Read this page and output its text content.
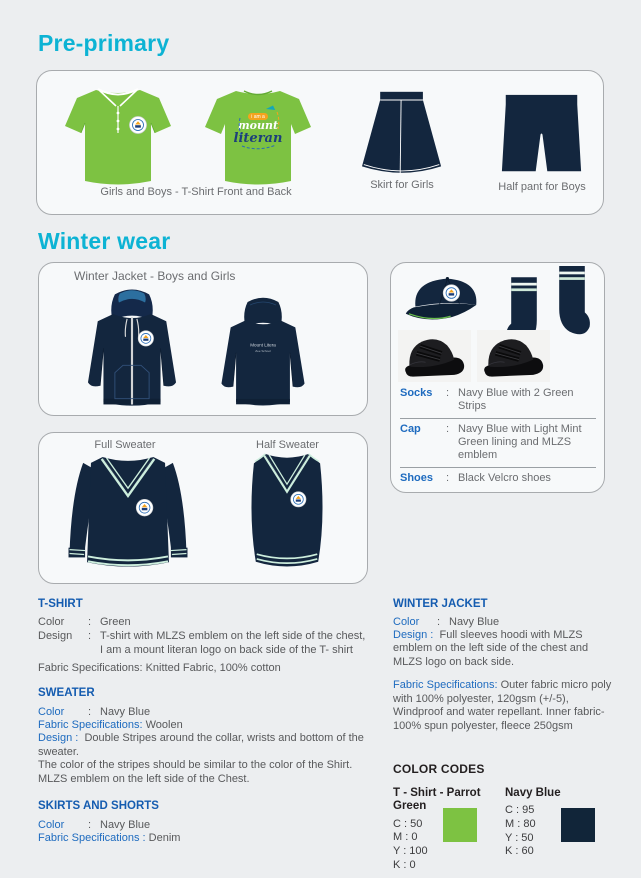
Pre-primary
i am a
mount
literan
Girls and Boys - T-Shirt Front and Back
Skirt for Girls	Half pant for Boys
Winter wear
Winter Jacket - Boys and Girls
Mount Litera
Zee School
Socks	: Navy Blue with 2 Green Strips
Cap	: Navy Blue with Light Mint Green lining and MLZS emblem
Shoes	: Black Velcro shoes
Full Sweater	Half Sweater
T-SHIRT
Color	: Green
Design	: T-shirt with MLZS emblem on the left side of the chest,
I am a mount literan logo on back side of the T- shirt
Fabric Specifications: Knitted Fabric, 100% cotton
SWEATER
Color	: Navy Blue

Fabric Specifications: Woolen

Design : Double Stripes around the collar, wrists and bottom of the sweater.

The color of the stripes should be similar to the color of the Shirt.

MLZS emblem on the left side of the Chest.

SKIRTS AND SHORTS
Color	: Navy Blue

Fabric Specifications : Denim

WINTER JACKET
Color	: Navy Blue

Design : Full sleeves hoodi with MLZS emblem on the left side of the chest and MLZS logo on back side.

Fabric Specifications: Outer fabric micro poly with 100% polyester, 120gsm (+/-5), Windproof and water repellant. Inner fabric-100% spun polyester, fleece 250gsm

COLOR CODES
T - Shirt - Parrot Green
C : 50
M : 0
Y : 100
K : 0
Navy Blue
C : 95
M : 80
Y : 50
K : 60
